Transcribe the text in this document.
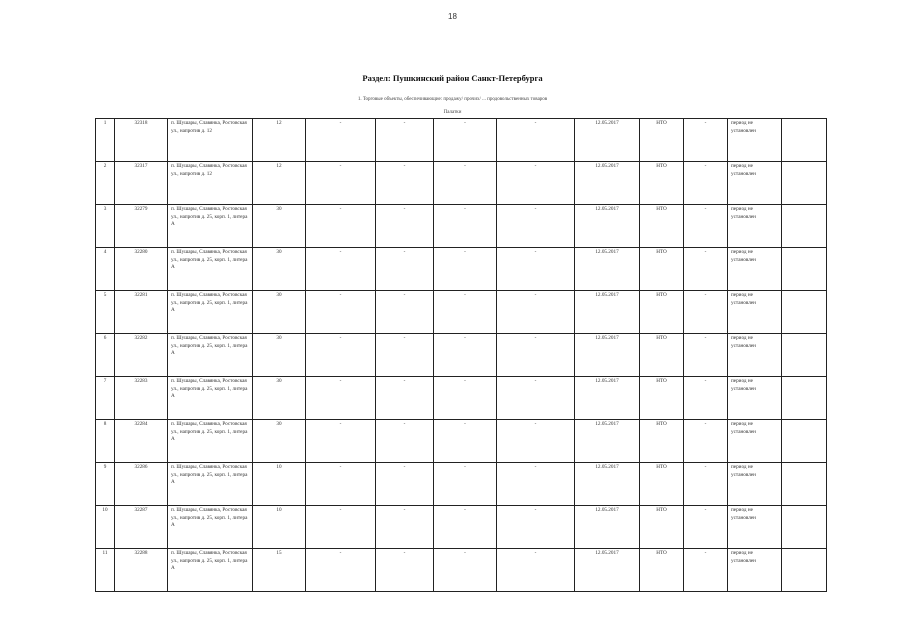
18
Раздел: Пушкинский район Санкт-Петербурга
1. Торговые объекты, обеспечивающие: продажу/ прочих/ ... продовольственных товаров
Палатки
1	32318	п. Шушары, Славянка, Ростовская ул., напротив д. 12	12	-	-	-	-	12.05.2017	НТО	-	период не установлен	
2	32317	п. Шушары, Славянка, Ростовская ул., напротив д. 12	12	-	-	-	-	12.05.2017	НТО	-	период не установлен	
3	32279	п. Шушары, Славянка, Ростовская ул., напротив д. 25, корп. 1, литера А	30	-	-	-	-	12.05.2017	НТО	-	период не установлен	
4	32280	п. Шушары, Славянка, Ростовская ул., напротив д. 25, корп. 1, литера А	30	-	-	-	-	12.05.2017	НТО	-	период не установлен	
5	32281	п. Шушары, Славянка, Ростовская ул., напротив д. 25, корп. 1, литера А	30	-	-	-	-	12.05.2017	НТО	-	период не установлен	
6	32282	п. Шушары, Славянка, Ростовская ул., напротив д. 25, корп. 1, литера А	30	-	-	-	-	12.05.2017	НТО	-	период не установлен	
7	32283	п. Шушары, Славянка, Ростовская ул., напротив д. 25, корп. 1, литера А	30	-	-	-	-	12.05.2017	НТО	-	период не установлен	
8	32284	п. Шушары, Славянка, Ростовская ул., напротив д. 25, корп. 1, литера А	30	-	-	-	-	12.05.2017	НТО	-	период не установлен	
9	32286	п. Шушары, Славянка, Ростовская ул., напротив д. 25, корп. 1, литера А	10	-	-	-	-	12.05.2017	НТО	-	период не установлен	
10	32287	п. Шушары, Славянка, Ростовская ул., напротив д. 25, корп. 1, литера А	10	-	-	-	-	12.05.2017	НТО	-	период не установлен	
11	32288	п. Шушары, Славянка, Ростовская ул., напротив д. 25, корп. 1, литера А	15	-	-	-	-	12.05.2017	НТО	-	период не установлен	
